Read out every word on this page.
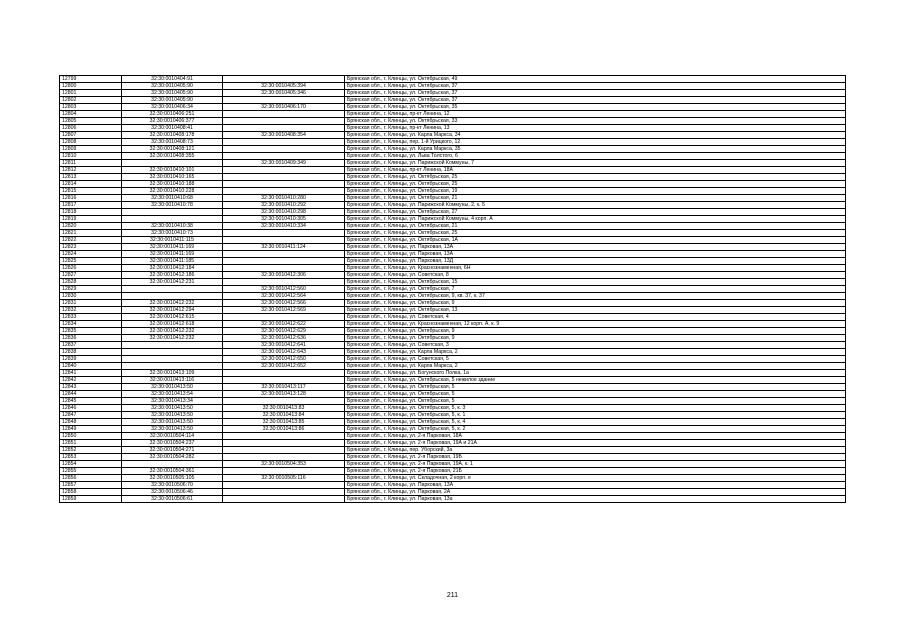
12799	32:30:0010404:91		Брянская обл., г. Клинцы, ул. Октябрьская, 49
12800	32:30:0010405:90	32:30:0010405:394	Брянская обл., г. Клинцы, ул. Октябрьская, 37
12801	32:30:0010405:90	32:30:0010405:346	Брянская обл., г. Клинцы, ул. Октябрьская, 37
12802	32:30:0010405:90		Брянская обл., г. Клинцы, ул. Октябрьская, 37
12803	32:30:0010406:34	32:30:0010406:170	Брянская обл., г. Клинцы, ул. Октябрьская, 35
12804	32:30:0010406:251		Брянская обл., г. Клинцы, пр-кт Ленина, 12
12805	32:30:0010406:377		Брянская обл., г. Клинцы, ул. Октябрьская, 33
12806	32:30:0010408:41		Брянская обл., г. Клинцы, пр-кт Ленина, 13
12807	32:30:0010408:178	32:30:0010408:354	Брянская обл., г. Клинцы, ул. Карла Маркса, 34
12808	32:30:0010408:73		Брянская обл., г. Клинцы, пер. 1-й Урицкого, 12
12809	32:30:0010408:121		Брянская обл., г. Клинцы, ул. Карла Маркса, 35
12810	32:30:0010408:355		Брянская обл., г. Клинцы, ул. Льва Толстого, 6
12811		32:30:0010409:349	Брянская обл., г. Клинцы, ул. Парижской Коммуны, 7
12812	32:30:0010410:101		Брянская обл., г. Клинцы, пр-кт Ленина, 18А
12813	32:30:0010410:165		Брянская обл., г. Клинцы, ул. Октябрьская, 25
12814	32:30:0010410:188		Брянская обл., г. Клинцы, ул. Октябрьская, 25
12815	32:30:0010410:228		Брянская обл., г. Клинцы, ул. Октябрьская, 19
12816	32:30:0010410:68	32:30:0010410:280	Брянская обл., г. Клинцы, ул. Октябрьская, 21
12817	32:30:0010410:78	32:30:0010410:292	Брянская обл., г. Клинцы, ул. Парижской Коммуны, 2, к. 5
12818		32:30:0010410:298	Брянская обл., г. Клинцы, ул. Октябрьская, 27
12819		32:30:0010410:305	Брянская обл., г. Клинцы, ул. Парижской Коммуны, 4 корп. А
12820	32:30:0010410:38	32:30:0010410:334	Брянская обл., г. Клинцы, ул. Октябрьская, 21
12821	32:30:0010410:73		Брянская обл., г. Клинцы, ул. Октябрьская, 25
12822	32:30:0010411:115		Брянская обл., г. Клинцы, ул. Октябрьская, 1А
12823	32:30:0010411:169	32:30:0010411:124	Брянская обл., г. Клинцы, ул. Парковая, 13А
12824	32:30:0010411:169		Брянская обл., г. Клинцы, ул. Парковая, 13А
12825	32:30:0010411:185		Брянская обл., г. Клинцы, ул. Парковая, 13Д
12826	32:30:0010412:184		Брянская обл., г. Клинцы, ул. Краснознаменная, 6Н
12827	32:30:0010412:186	32:30:0010412:306	Брянская обл., г. Клинцы, ул. Советская, 8
12828	32:30:0010412:231		Брянская обл., г. Клинцы, ул. Октябрьская, 15
12829		32:30:0010412:560	Брянская обл., г. Клинцы, ул. Октябрьская, 7
12830		32:30:0010412:564	Брянская обл., г. Клинцы, ул. Октябрьская, 9, кв. 37, к. 37
12831	32:30:0010412:232	32:30:0010412:566	Брянская обл., г. Клинцы, ул. Октябрьская, 9
12832	32:30:0010412:294	32:30:0010412:569	Брянская обл., г. Клинцы, ул. Октябрьская, 13
12833	32:30:0010412:615		Брянская обл., г. Клинцы, ул. Советская, 4
12834	32:30:0010412:618	32:30:0010412:622	Брянская обл., г. Клинцы, ул. Краснознаменная, 12 корп. А, к. 9
12835	32:30:0010412:232	32:30:0010412:629	Брянская обл., г. Клинцы, ул. Октябрьская, 9
12836	32:30:0010412:232	32:30:0010412:636	Брянская обл., г. Клинцы, ул. Октябрьская, 9
12837		32:30:0010412:641	Брянская обл., г. Клинцы, ул. Советская, 3
12838		32:30:0010412:643	Брянская обл., г. Клинцы, ул. Карла Маркса, 2
12839		32:30:0010412:650	Брянская обл., г. Клинцы, ул. Советская, 5
12840		32:30:0010412:652	Брянская обл., г. Клинцы, ул. Карла Маркса, 2
12841	32:30:0010413:109		Брянская обл., г. Клинцы, ул. Богунского Полка, 1а
12842	32:30:0010413:116		Брянская обл., г. Клинцы, ул. Октябрьская, 5 нежилое здание
12843	32:30:0010413:50	32:30:0010413:117	Брянская обл., г. Клинцы, ул. Октябрьская, 5
12844	32:30:0010413:54	32:30:0010413:128	Брянская обл., г. Клинцы, ул. Октябрьская, 5
12845	32:30:0010413:34		Брянская обл., г. Клинцы, ул. Октябрьская, 5
12846	32:30:0010413:50	32:30:0010413:83	Брянская обл., г. Клинцы, ул. Октябрьская, 5, к. 3
12847	32:30:0010413:50	32:30:0010413:84	Брянская обл., г. Клинцы, ул. Октябрьская, 5, к. 1
12848	32:30:0010413:50	32:30:0010413:85	Брянская обл., г. Клинцы, ул. Октябрьская, 5, к. 4
12849	32:30:0010413:50	32:30:0010413:86	Брянская обл., г. Клинцы, ул. Октябрьская, 5, к. 2
12850	32:30:0010504:114		Брянская обл., г. Клинцы, ул. 2-я Парковая, 18А
12851	32:30:0010504:237		Брянская обл., г. Клинцы, ул. 2-я Парковая, 19А и 21А
12852	32:30:0010504:271		Брянская обл., г. Клинцы, пер. Уборский, 3а
12853	32:30:0010504:282		Брянская обл., г. Клинцы, ул. 2-я Парковая, 19Б
12854		32:30:0010504:353	Брянская обл., г. Клинцы, ул. 2-я Парковая, 19А, к. 1
12855	32:30:0010504:361		Брянская обл., г. Клинцы, ул. 2-я Парковая, 21Б
12856	32:30:0010505:105	32:30:0010505:116	Брянская обл., г. Клинцы, ул. Складочная, 2 корп. е
12857	32:30:0010506:70		Брянская обл., г. Клинцы, ул. Парковая, 13А
12858	32:30:0010506:46		Брянская обл., г. Клинцы, ул. Парковая, 2А
12859	32:30:0010506:61		Брянская обл., г. Клинцы, ул. Парковая, 13а
211
